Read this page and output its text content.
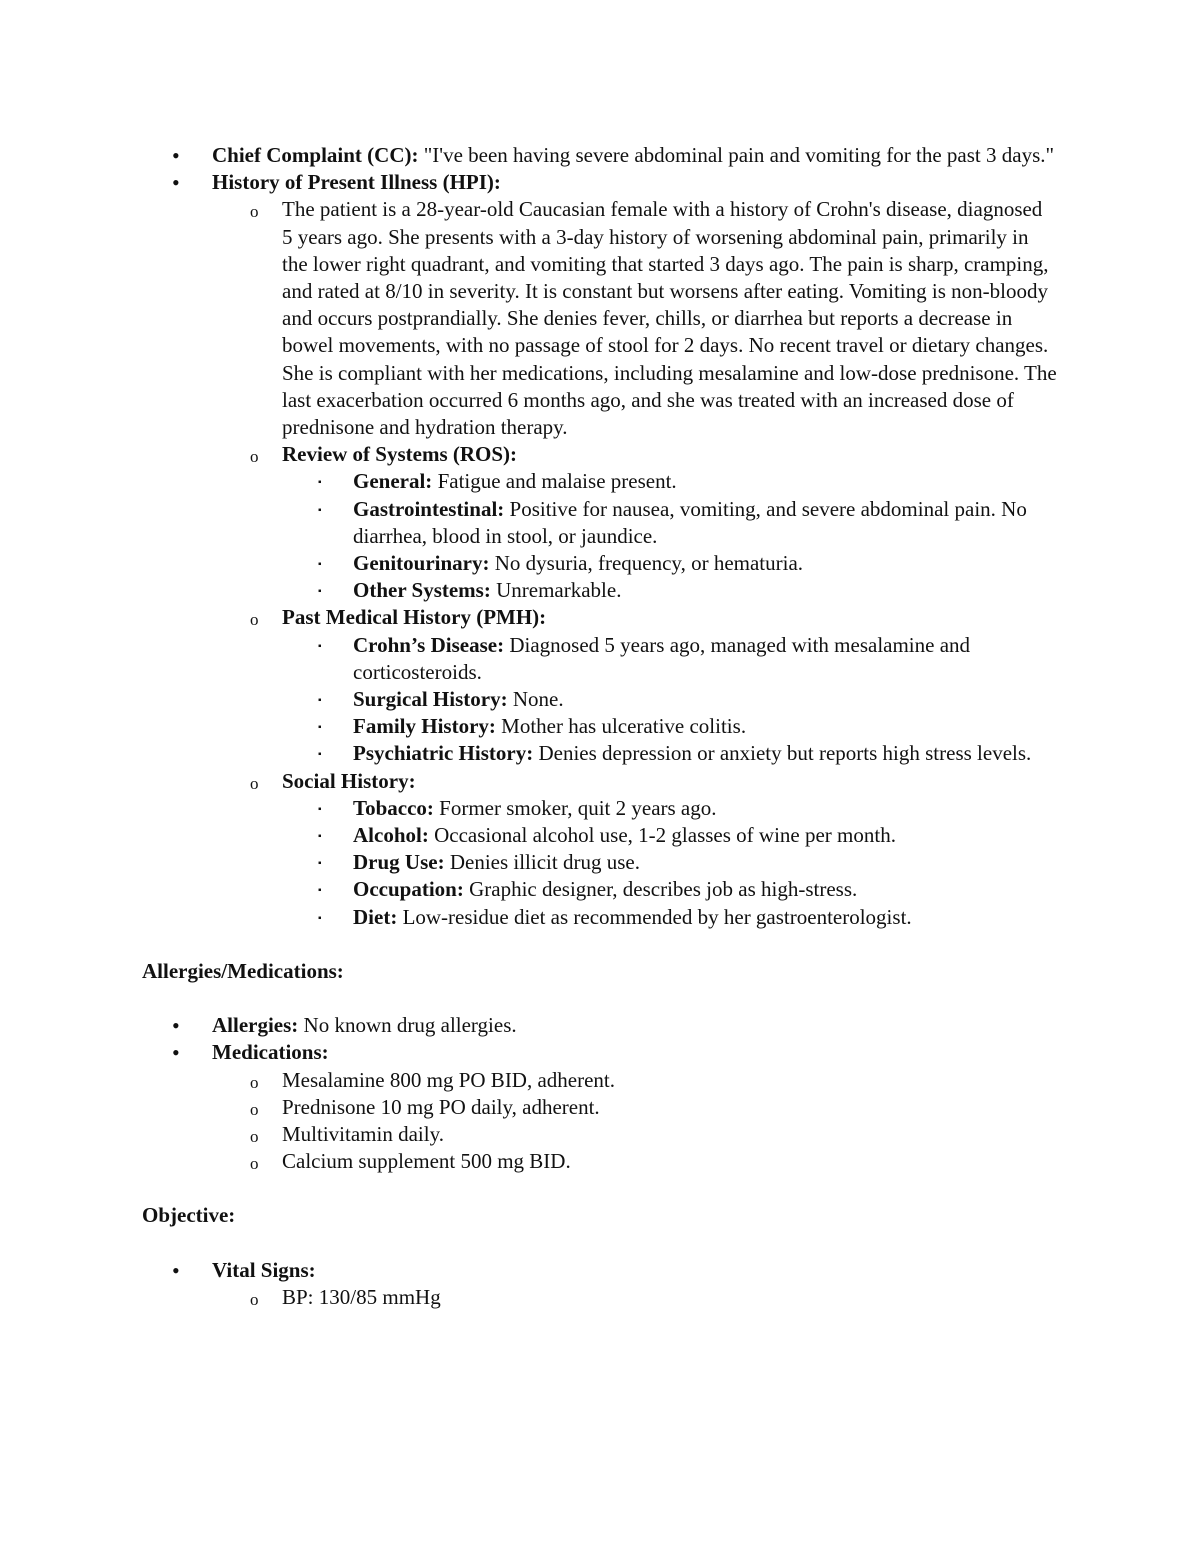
• Chief Complaint (CC): "I've been having severe abdominal pain and vomiting for the past 3 days."
• History of Present Illness (HPI):
o The patient is a 28-year-old Caucasian female with a history of Crohn's disease, diagnosed 5 years ago. She presents with a 3-day history of worsening abdominal pain, primarily in the lower right quadrant, and vomiting that started 3 days ago. The pain is sharp, cramping, and rated at 8/10 in severity. It is constant but worsens after eating. Vomiting is non-bloody and occurs postprandially. She denies fever, chills, or diarrhea but reports a decrease in bowel movements, with no passage of stool for 2 days. No recent travel or dietary changes. She is compliant with her medications, including mesalamine and low-dose prednisone. The last exacerbation occurred 6 months ago, and she was treated with an increased dose of prednisone and hydration therapy.
o Review of Systems (ROS):
▪ General: Fatigue and malaise present.
▪ Gastrointestinal: Positive for nausea, vomiting, and severe abdominal pain. No diarrhea, blood in stool, or jaundice.
▪ Genitourinary: No dysuria, frequency, or hematuria.
▪ Other Systems: Unremarkable.
o Past Medical History (PMH):
▪ Crohn’s Disease: Diagnosed 5 years ago, managed with mesalamine and corticosteroids.
▪ Surgical History: None.
▪ Family History: Mother has ulcerative colitis.
▪ Psychiatric History: Denies depression or anxiety but reports high stress levels.
o Social History:
▪ Tobacco: Former smoker, quit 2 years ago.
▪ Alcohol: Occasional alcohol use, 1-2 glasses of wine per month.
▪ Drug Use: Denies illicit drug use.
▪ Occupation: Graphic designer, describes job as high-stress.
▪ Diet: Low-residue diet as recommended by her gastroenterologist.
Allergies/Medications:
• Allergies: No known drug allergies.
• Medications:
o Mesalamine 800 mg PO BID, adherent.
o Prednisone 10 mg PO daily, adherent.
o Multivitamin daily.
o Calcium supplement 500 mg BID.
Objective:
• Vital Signs:
o BP: 130/85 mmHg
